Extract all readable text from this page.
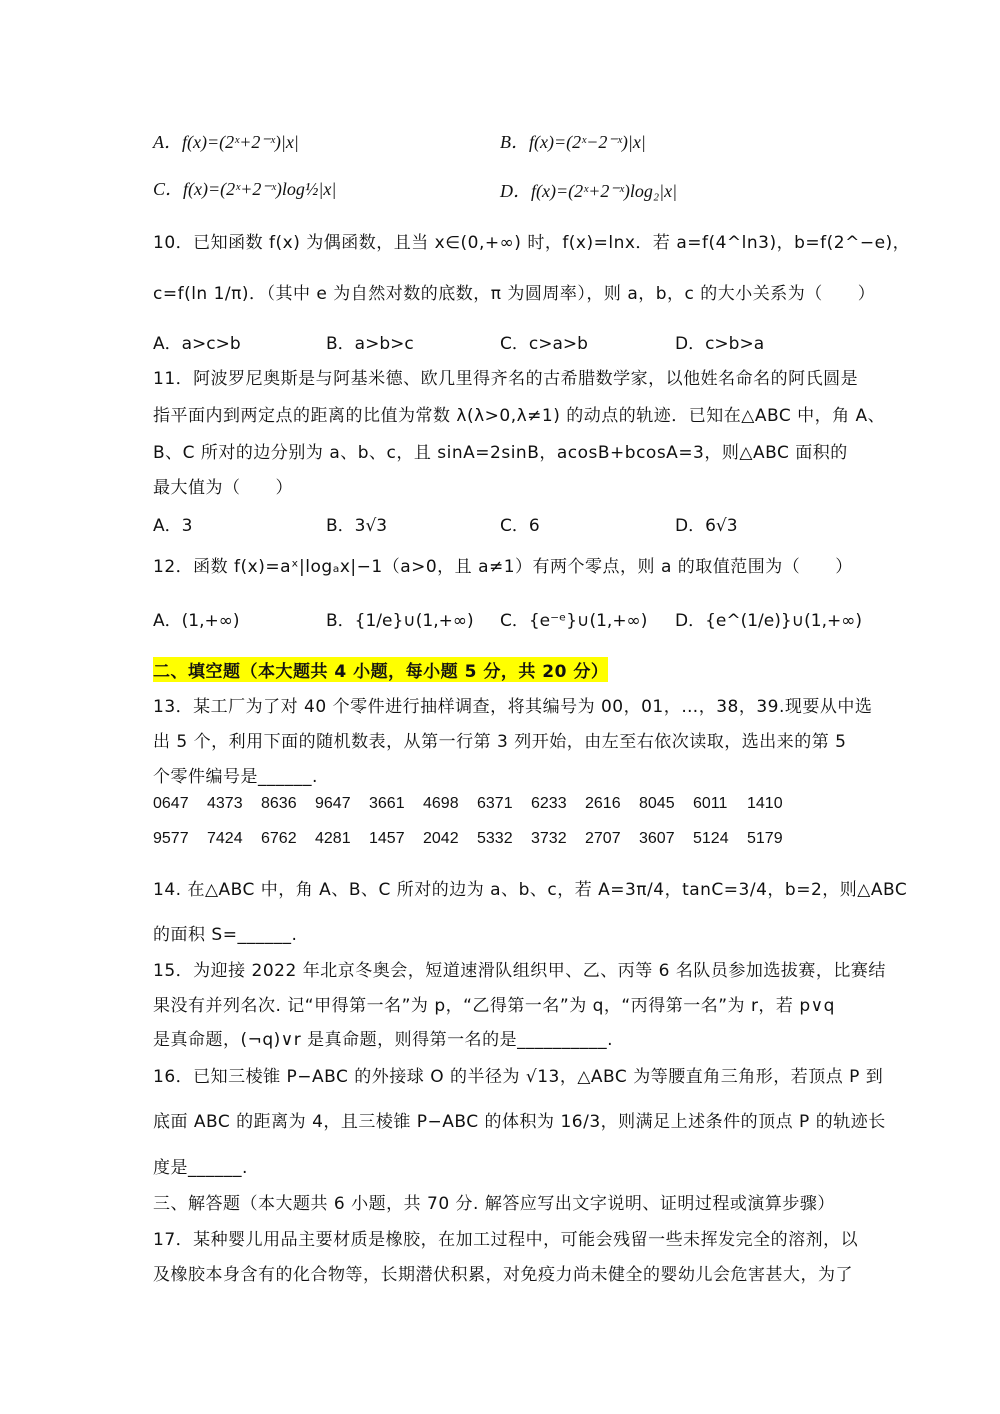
A．f(x)=(2ˣ+2⁻ˣ)|x|	B．f(x)=(2ˣ−2⁻ˣ)|x|
C．f(x)=(2ˣ+2⁻ˣ)log½|x|	D．f(x)=(2ˣ+2⁻ˣ)log₂|x|
10．已知函数 f(x) 为偶函数，且当 x∈(0,+∞) 时，f(x)=lnx．若 a=f(4^ln3)，b=f(2^−e)，
c=f(ln 1/π)．（其中 e 为自然对数的底数，π 为圆周率），则 a，b，c 的大小关系为（　　）
A．a>c>b	B．a>b>c	C．c>a>b	D．c>b>a
11．阿波罗尼奥斯是与阿基米德、欧几里得齐名的古希腊数学家，以他姓名命名的阿氏圆是
指平面内到两定点的距离的比值为常数 λ(λ>0,λ≠1) 的动点的轨迹．已知在△ABC 中，角 A、
B、C 所对的边分别为 a、b、c，且 sinA=2sinB，acosB+bcosA=3，则△ABC 面积的
最大值为（　　）
A．3	B．3√3	C．6	D．6√3
12．函数 f(x)=aˣ|logₐx|−1（a>0，且 a≠1）有两个零点，则 a 的取值范围为（　　）
A．(1,+∞)	B．{1/e}∪(1,+∞) C．{e⁻ᵉ}∪(1,+∞) D．{e^(1/e)}∪(1,+∞)
二、填空题（本大题共 4 小题，每小题 5 分，共 20 分）
13．某工厂为了对 40 个零件进行抽样调查，将其编号为 00，01，…，38，39.现要从中选
出 5 个，利用下面的随机数表，从第一行第 3 列开始，由左至右依次读取，选出来的第 5
个零件编号是______.
0647 4373 8636 9647 3661 4698 6371 6233 2616 8045 6011 1410
9577 7424 6762 4281 1457 2042 5332 3732 2707 3607 5124 5179
14. 在△ABC 中，角 A、B、C 所对的边为 a、b、c，若 A=3π/4，tanC=3/4，b=2，则△ABC
的面积 S=______.
15．为迎接 2022 年北京冬奥会，短道速滑队组织甲、乙、丙等 6 名队员参加选拔赛，比赛结
果没有并列名次. 记“甲得第一名”为 p，“乙得第一名”为 q，“丙得第一名”为 r，若 p∨q
是真命题，(¬q)∨r 是真命题，则得第一名的是__________.
16．已知三棱锥 P−ABC 的外接球 O 的半径为 √13，△ABC 为等腰直角三角形，若顶点 P 到
底面 ABC 的距离为 4，且三棱锥 P−ABC 的体积为 16/3，则满足上述条件的顶点 P 的轨迹长
度是______.
三、解答题（本大题共 6 小题，共 70 分. 解答应写出文字说明、证明过程或演算步骤）
17．某种婴儿用品主要材质是橡胶，在加工过程中，可能会残留一些未挥发完全的溶剂，以
及橡胶本身含有的化合物等，长期潜伏积累，对免疫力尚未健全的婴幼儿会危害甚大，为了
